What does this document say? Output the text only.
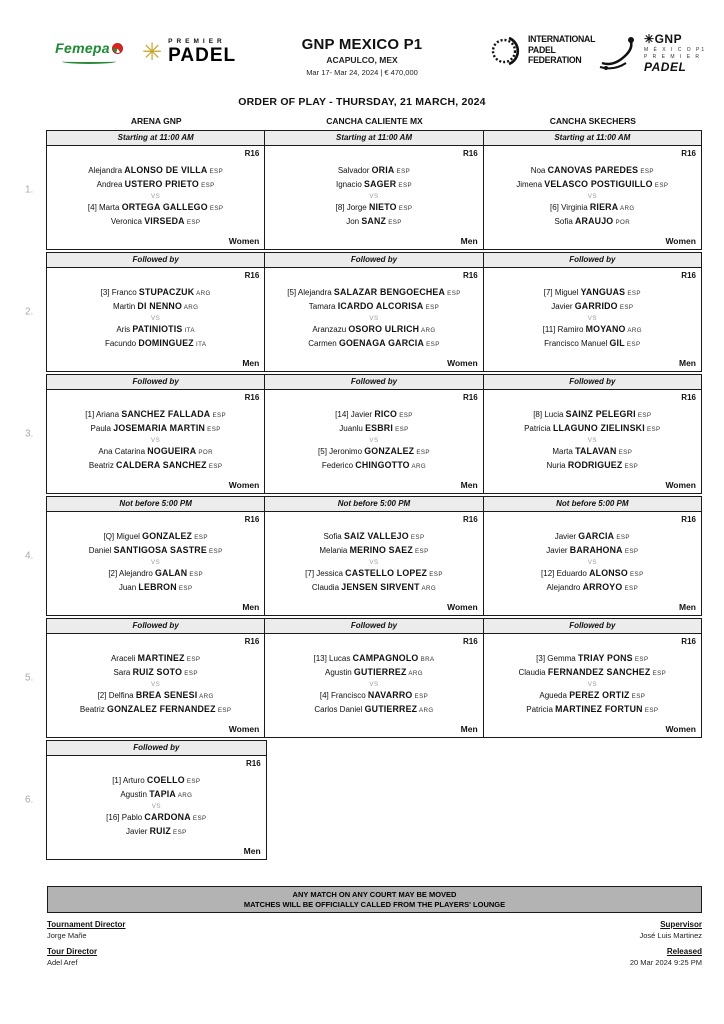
Femepa	✳ PREMIER
PADEL
GNP MEXICO P1
ACAPULCO, MEX
Mar 17- Mar 24, 2024 | € 470,000
INTERNATIONAL
PADEL
FEDERATION
✳GNP
M É X I C O P1
P R E M I E R
PADEL
ORDER OF PLAY - THURSDAY, 21 MARCH, 2024
ARENA GNP	CANCHA CALIENTE MX	CANCHA SKECHERS
1.
Starting at 11:00 AM
R16
Alejandra ALONSO DE VILLA ESP
Andrea USTERO PRIETO ESP
VS
[4] Marta ORTEGA GALLEGO ESP
Veronica VIRSEDA ESP
Women
Starting at 11:00 AM
R16
Salvador ORIA ESP
Ignacio SAGER ESP
VS
[8] Jorge NIETO ESP
Jon SANZ ESP
Men
Starting at 11:00 AM
R16
Noa CANOVAS PAREDES ESP
Jimena VELASCO POSTIGUILLO ESP
VS
[6] Virginia RIERA ARG
Sofia ARAUJO POR
Women
2.
Followed by
R16
[3] Franco STUPACZUK ARG
Martin DI NENNO ARG
VS
Aris PATINIOTIS ITA
Facundo DOMINGUEZ ITA
Men
Followed by
R16
[5] Alejandra SALAZAR BENGOECHEA ESP
Tamara ICARDO ALCORISA ESP
VS
Aranzazu OSORO ULRICH ARG
Carmen GOENAGA GARCIA ESP
Women
Followed by
R16
[7] Miguel YANGUAS ESP
Javier GARRIDO ESP
VS
[11] Ramiro MOYANO ARG
Francisco Manuel GIL ESP
Men
3.
Followed by
R16
[1] Ariana SANCHEZ FALLADA ESP
Paula JOSEMARIA MARTIN ESP
VS
Ana Catarina NOGUEIRA POR
Beatriz CALDERA SANCHEZ ESP
Women
Followed by
R16
[14] Javier RICO ESP
Juanlu ESBRI ESP
VS
[5] Jeronimo GONZALEZ ESP
Federico CHINGOTTO ARG
Men
Followed by
R16
[8] Lucia SAINZ PELEGRI ESP
Patricia LLAGUNO ZIELINSKI ESP
VS
Marta TALAVAN ESP
Nuria RODRIGUEZ ESP
Women
4.
Not before 5:00 PM
R16
[Q] Miguel GONZALEZ ESP
Daniel SANTIGOSA SASTRE ESP
VS
[2] Alejandro GALAN ESP
Juan LEBRON ESP
Men
Not before 5:00 PM
R16
Sofia SAIZ VALLEJO ESP
Melania MERINO SAEZ ESP
VS
[7] Jessica CASTELLO LOPEZ ESP
Claudia JENSEN SIRVENT ARG
Women
Not before 5:00 PM
R16
Javier GARCIA ESP
Javier BARAHONA ESP
VS
[12] Eduardo ALONSO ESP
Alejandro ARROYO ESP
Men
5.
Followed by
R16
Araceli MARTINEZ ESP
Sara RUIZ SOTO ESP
VS
[2] Delfina BREA SENESI ARG
Beatriz GONZALEZ FERNANDEZ ESP
Women
Followed by
R16
[13] Lucas CAMPAGNOLO BRA
Agustin GUTIERREZ ARG
VS
[4] Francisco NAVARRO ESP
Carlos Daniel GUTIERREZ ARG
Men
Followed by
R16
[3] Gemma TRIAY PONS ESP
Claudia FERNANDEZ SANCHEZ ESP
VS
Agueda PEREZ ORTIZ ESP
Patricia MARTINEZ FORTUN ESP
Women
6.
Followed by
R16
[1] Arturo COELLO ESP
Agustin TAPIA ARG
VS
[16] Pablo CARDONA ESP
Javier RUIZ ESP
Men
ANY MATCH ON ANY COURT MAY BE MOVED
MATCHES WILL BE OFFICIALLY CALLED FROM THE PLAYERS' LOUNGE
Tournament Director
Jorge Mañe
Tour Director
Adel Aref
Supervisor
José Luis Martinez
Released
20 Mar 2024 9:25 PM
